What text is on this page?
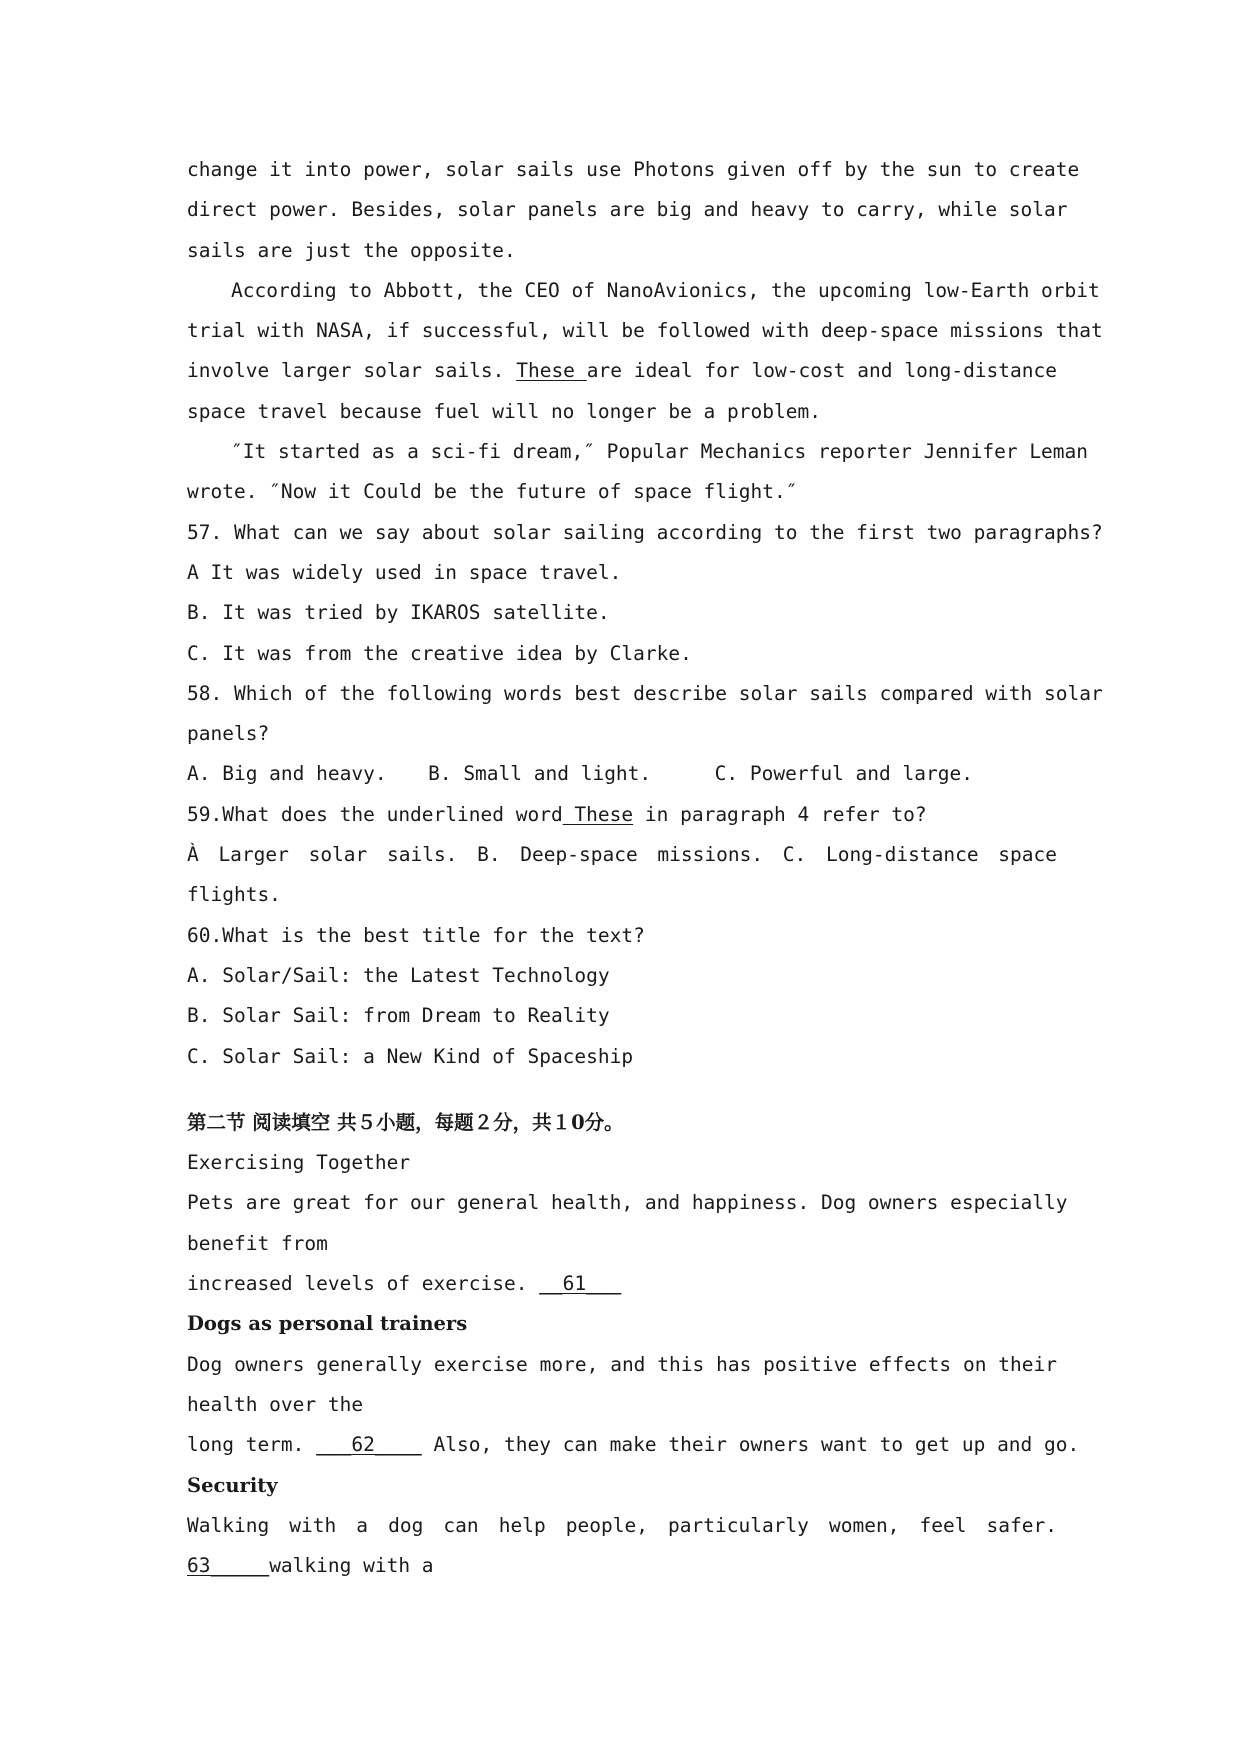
change it into power, solar sails use Photons given off by the sun to create
direct power. Besides, solar panels are big and heavy to carry, while solar
sails are just the opposite.
According to Abbott, the CEO of NanoAvionics, the upcoming low-Earth orbit
trial with NASA, if successful, will be followed with deep-space missions that
involve larger solar sails. These are ideal for low-cost and long-distance
space travel because fuel will no longer be a problem.
″It started as a sci-fi dream,″ Popular Mechanics reporter Jennifer Leman
wrote. ″Now it Could be the future of space flight.″
57. What can we say about solar sailing according to the first two paragraphs?
A It was widely used in space travel.
B. It was tried by IKAROS satellite.
C. It was from the creative idea by Clarke.
58. Which of the following words best describe solar sails compared with solar
panels?
A. Big and heavy. B. Small and light.	C. Powerful and large.
59.What does the underlined word These in paragraph 4 refer to?
À Larger solar sails. B. Deep-space missions. C. Long-distance space
flights.
60.What is the best title for the text?
A. Solar/Sail: the Latest Technology
B. Solar Sail: from Dream to Reality
C. Solar Sail: a New Kind of Spaceship
第二节 阅读填空 共５小题，每题２分，共１0分。
Exercising Together
Pets are great for our general health, and happiness. Dog owners especially
benefit from
increased levels of exercise. __61___
Dogs as personal trainers
Dog owners generally exercise more, and this has positive effects on their
health over the
long term. ___62____ Also, they can make their owners want to get up and go.
Security
Walking with a dog can help people, particularly women, feel safer.
63_____walking with a
